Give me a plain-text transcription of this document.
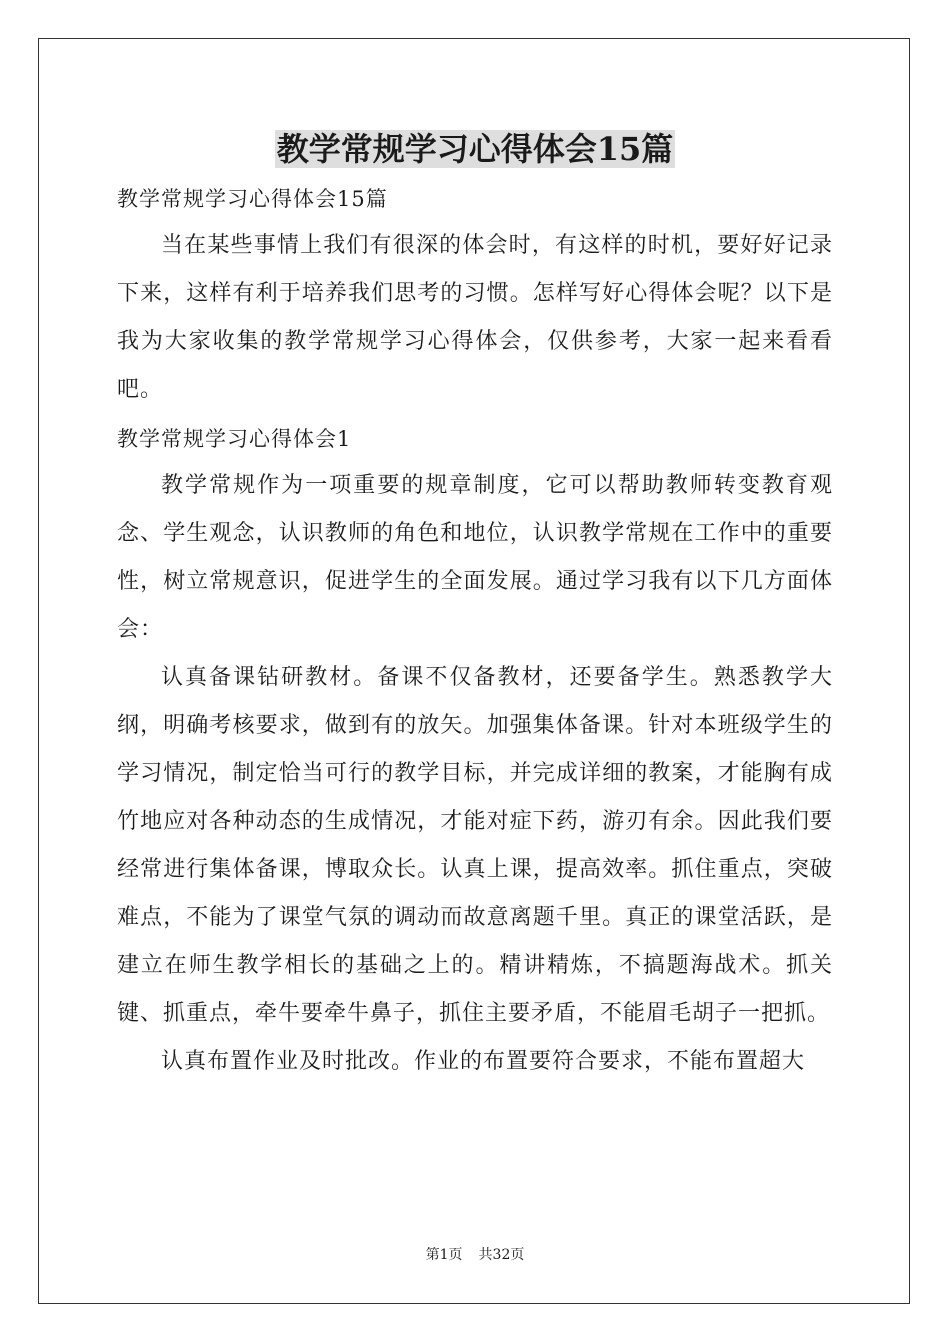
教学常规学习心得体会15篇

教学常规学习心得体会15篇

当在某些事情上我们有很深的体会时，有这样的时机，要好好记录下来，这样有利于培养我们思考的习惯。怎样写好心得体会呢？以下是我为大家收集的教学常规学习心得体会，仅供参考，大家一起来看看吧。

教学常规学习心得体会1

教学常规作为一项重要的规章制度，它可以帮助教师转变教育观念、学生观念，认识教师的角色和地位，认识教学常规在工作中的重要性，树立常规意识，促进学生的全面发展。通过学习我有以下几方面体会：

认真备课钻研教材。备课不仅备教材，还要备学生。熟悉教学大纲，明确考核要求，做到有的放矢。加强集体备课。针对本班级学生的学习情况，制定恰当可行的教学目标，并完成详细的教案，才能胸有成竹地应对各种动态的生成情况，才能对症下药，游刃有余。因此我们要经常进行集体备课，博取众长。认真上课，提高效率。抓住重点，突破难点，不能为了课堂气氛的调动而故意离题千里。真正的课堂活跃，是建立在师生教学相长的基础之上的。精讲精炼，不搞题海战术。抓关键、抓重点，牵牛要牵牛鼻子，抓住主要矛盾，不能眉毛胡子一把抓。

认真布置作业及时批改。作业的布置要符合要求，不能布置超大

第1页 共32页
